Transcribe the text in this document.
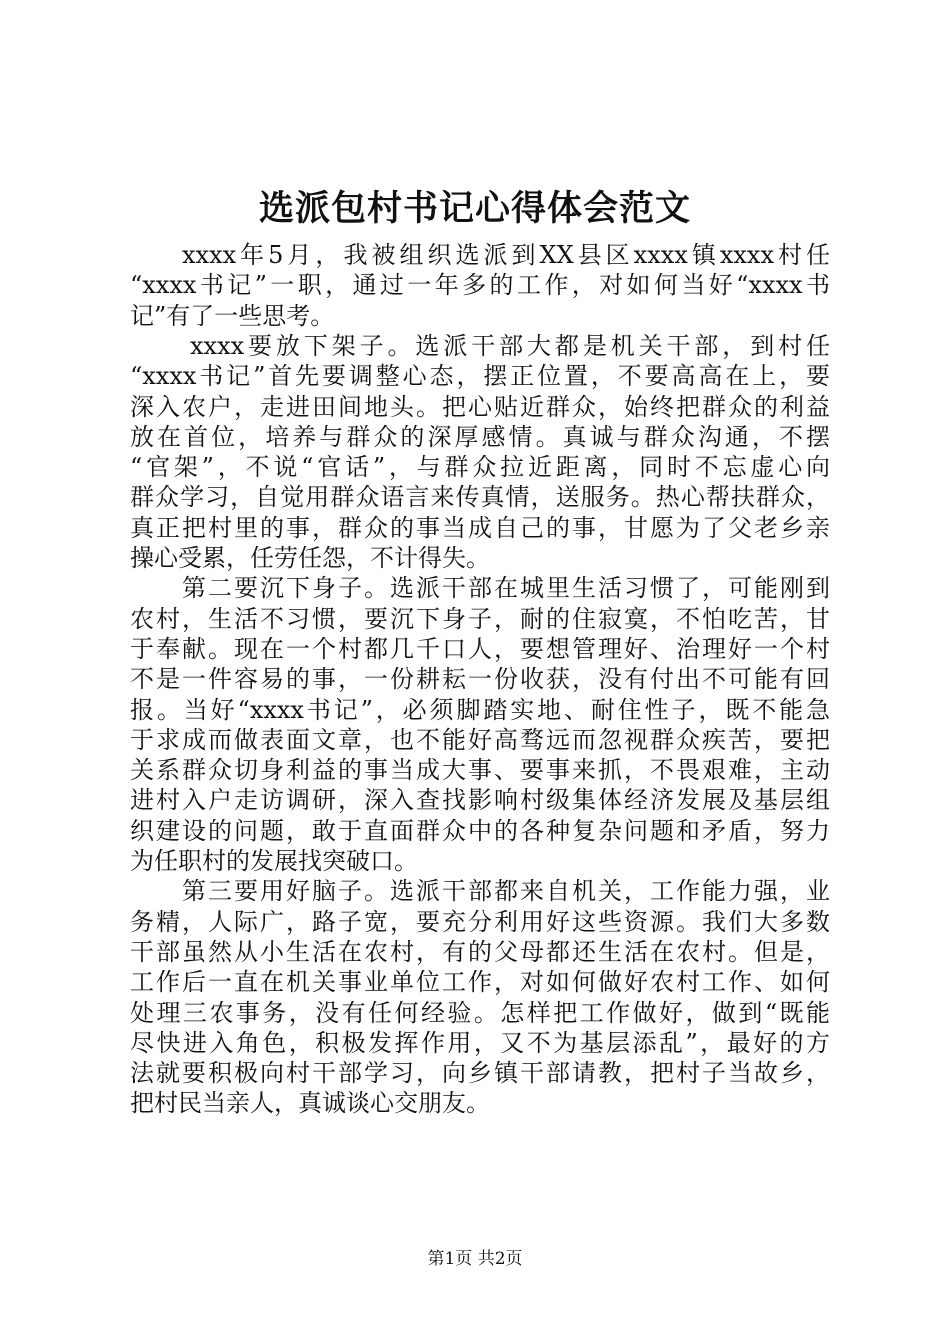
选派包村书记心得体会范文

xxxx年5月，我被组织选派到XX县区xxxx镇xxxx村任

“xxxx书记”一职，通过一年多的工作，对如何当好“xxxx书

记”有了一些思考。

xxxx要放下架子。选派干部大都是机关干部，到村任

“xxxx书记”首先要调整心态，摆正位置，不要高高在上，要

深入农户，走进田间地头。把心贴近群众，始终把群众的利益

放在首位，培养与群众的深厚感情。真诚与群众沟通，不摆

“官架”，不说“官话”，与群众拉近距离，同时不忘虚心向

群众学习，自觉用群众语言来传真情，送服务。热心帮扶群众，

真正把村里的事，群众的事当成自己的事，甘愿为了父老乡亲

操心受累，任劳任怨，不计得失。

第二要沉下身子。选派干部在城里生活习惯了，可能刚到

农村，生活不习惯，要沉下身子，耐的住寂寞，不怕吃苦，甘

于奉献。现在一个村都几千口人，要想管理好、治理好一个村

不是一件容易的事，一份耕耘一份收获，没有付出不可能有回

报。当好“xxxx书记”，必须脚踏实地、耐住性子，既不能急

于求成而做表面文章，也不能好高骛远而忽视群众疾苦，要把

关系群众切身利益的事当成大事、要事来抓，不畏艰难，主动

进村入户走访调研，深入查找影响村级集体经济发展及基层组

织建设的问题，敢于直面群众中的各种复杂问题和矛盾，努力

为任职村的发展找突破口。

第三要用好脑子。选派干部都来自机关，工作能力强，业

务精，人际广，路子宽，要充分利用好这些资源。我们大多数

干部虽然从小生活在农村，有的父母都还生活在农村。但是，

工作后一直在机关事业单位工作，对如何做好农村工作、如何

处理三农事务，没有任何经验。怎样把工作做好，做到“既能

尽快进入角色，积极发挥作用，又不为基层添乱”，最好的方

法就要积极向村干部学习，向乡镇干部请教，把村子当故乡，

把村民当亲人，真诚谈心交朋友。

第1页 共2页
